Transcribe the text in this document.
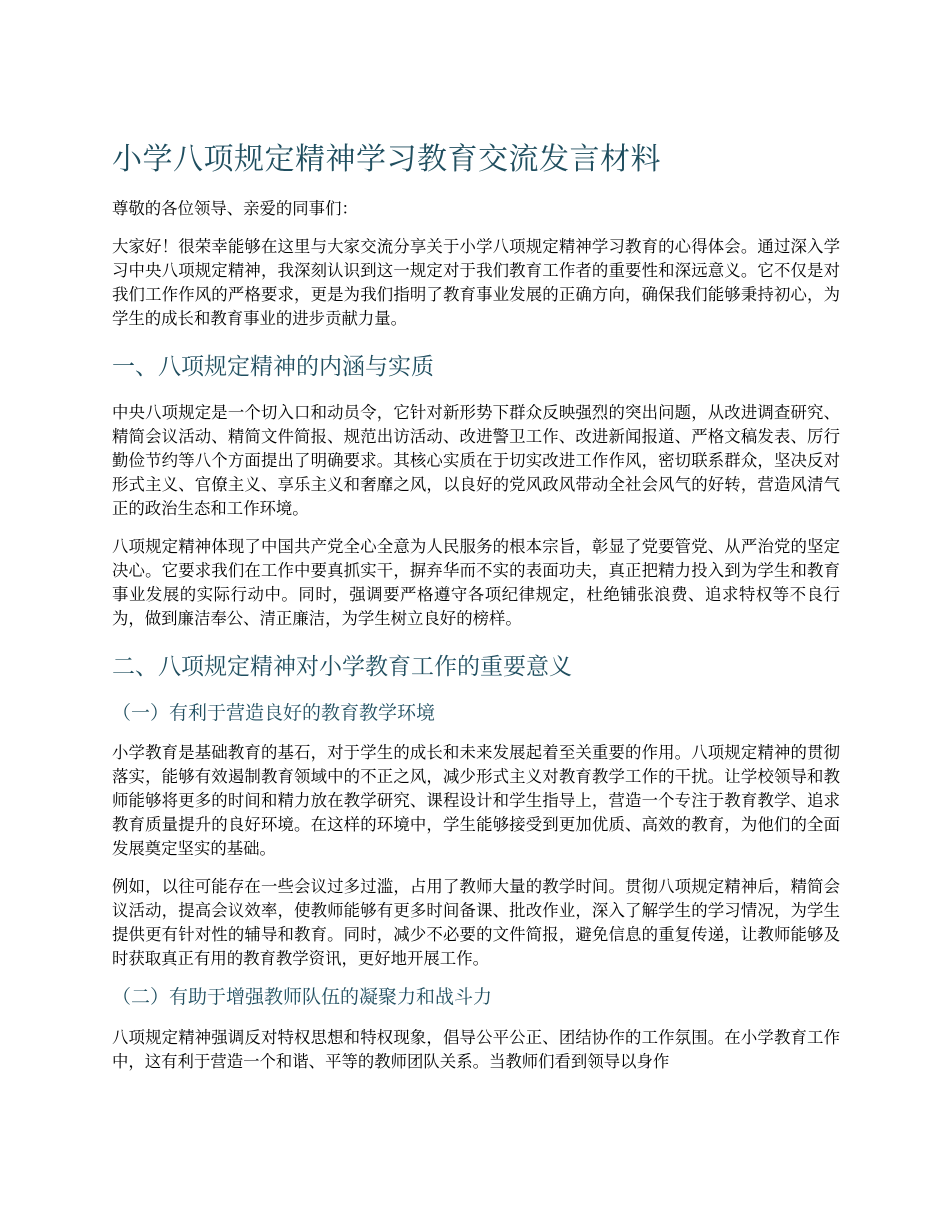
小学八项规定精神学习教育交流发言材料

尊敬的各位领导、亲爱的同事们：

大家好！很荣幸能够在这里与大家交流分享关于小学八项规定精神学习教育的心得体会。通过深入学习中央八项规定精神，我深刻认识到这一规定对于我们教育工作者的重要性和深远意义。它不仅是对我们工作作风的严格要求，更是为我们指明了教育事业发展的正确方向，确保我们能够秉持初心，为学生的成长和教育事业的进步贡献力量。

一、八项规定精神的内涵与实质

中央八项规定是一个切入口和动员令，它针对新形势下群众反映强烈的突出问题，从改进调查研究、精简会议活动、精简文件简报、规范出访活动、改进警卫工作、改进新闻报道、严格文稿发表、厉行勤俭节约等八个方面提出了明确要求。其核心实质在于切实改进工作作风，密切联系群众，坚决反对形式主义、官僚主义、享乐主义和奢靡之风，以良好的党风政风带动全社会风气的好转，营造风清气正的政治生态和工作环境。

八项规定精神体现了中国共产党全心全意为人民服务的根本宗旨，彰显了党要管党、从严治党的坚定决心。它要求我们在工作中要真抓实干，摒弃华而不实的表面功夫，真正把精力投入到为学生和教育事业发展的实际行动中。同时，强调要严格遵守各项纪律规定，杜绝铺张浪费、追求特权等不良行为，做到廉洁奉公、清正廉洁，为学生树立良好的榜样。

二、八项规定精神对小学教育工作的重要意义
（一）有利于营造良好的教育教学环境

小学教育是基础教育的基石，对于学生的成长和未来发展起着至关重要的作用。八项规定精神的贯彻落实，能够有效遏制教育领域中的不正之风，减少形式主义对教育教学工作的干扰。让学校领导和教师能够将更多的时间和精力放在教学研究、课程设计和学生指导上，营造一个专注于教育教学、追求教育质量提升的良好环境。在这样的环境中，学生能够接受到更加优质、高效的教育，为他们的全面发展奠定坚实的基础。

例如，以往可能存在一些会议过多过滥，占用了教师大量的教学时间。贯彻八项规定精神后，精简会议活动，提高会议效率，使教师能够有更多时间备课、批改作业，深入了解学生的学习情况，为学生提供更有针对性的辅导和教育。同时，减少不必要的文件简报，避免信息的重复传递，让教师能够及时获取真正有用的教育教学资讯，更好地开展工作。

（二）有助于增强教师队伍的凝聚力和战斗力

八项规定精神强调反对特权思想和特权现象，倡导公平公正、团结协作的工作氛围。在小学教育工作中，这有利于营造一个和谐、平等的教师团队关系。当教师们看到领导以身作
